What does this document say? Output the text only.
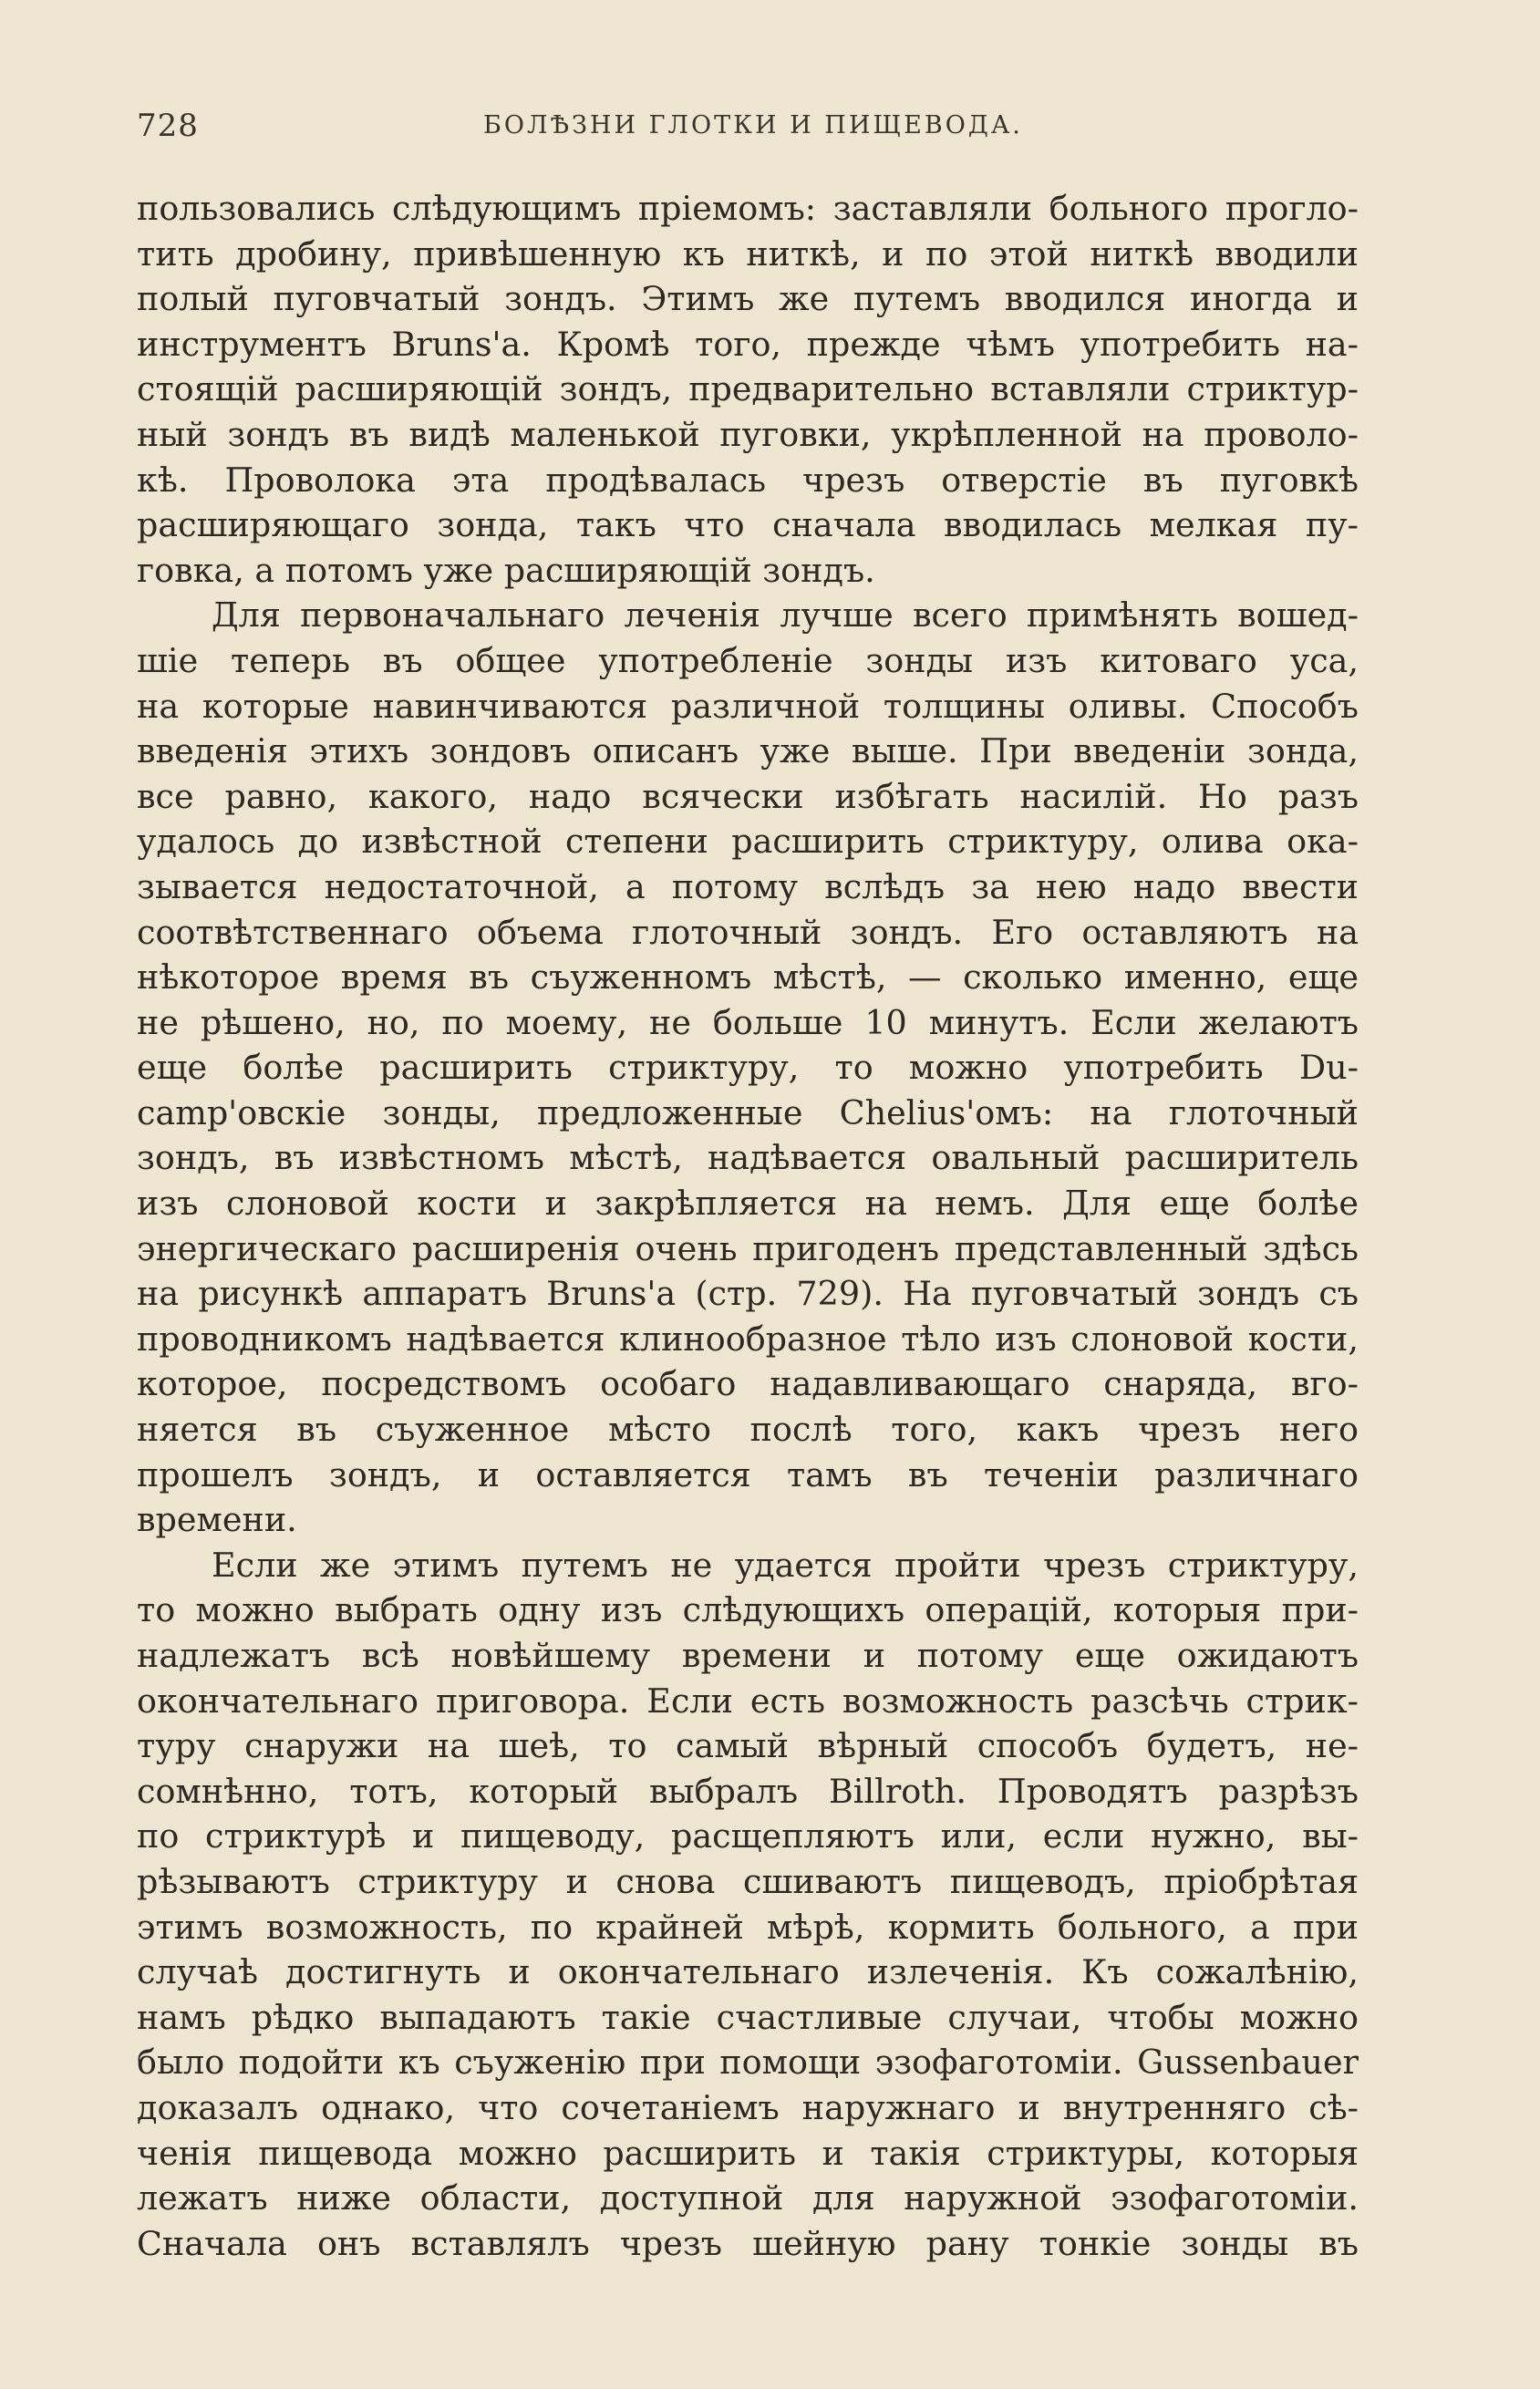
728	БОЛѢЗНИ ГЛОТКИ И ПИЩЕВОДА.
пользовались слѣдующимъ пріемомъ: заставляли больного прогло-
тить дробину, привѣшенную къ ниткѣ, и по этой ниткѣ вводили
полый пуговчатый зондъ. Этимъ же путемъ вводился иногда и
инструментъ Bruns'а. Кромѣ того, прежде чѣмъ употребить на-
стоящій расширяющій зондъ, предварительно вставляли стриктур-
ный зондъ въ видѣ маленькой пуговки, укрѣпленной на проволо-
кѣ. Проволока эта продѣвалась чрезъ отверстіе въ пуговкѣ
расширяющаго зонда, такъ что сначала вводилась мелкая пу-
говка, а потомъ уже расширяющій зондъ.
Для первоначальнаго леченія лучше всего примѣнять вошед-
шіе теперь въ общее употребленіе зонды изъ китоваго уса,
на которые навинчиваются различной толщины оливы. Способъ
введенія этихъ зондовъ описанъ уже выше. При введеніи зонда,
все равно, какого, надо всячески избѣгать насилій. Но разъ
удалось до извѣстной степени расширить стриктуру, олива ока-
зывается недостаточной, а потому вслѣдъ за нею надо ввести
соотвѣтственнаго объема глоточный зондъ. Его оставляютъ на
нѣкоторое время въ съуженномъ мѣстѣ, — сколько именно, еще
не рѣшено, но, по моему, не больше 10 минутъ. Если желаютъ
еще болѣе расширить стриктуру, то можно употребить Du-
camp'овскіе зонды, предложенные Chelius'омъ: на глоточный
зондъ, въ извѣстномъ мѣстѣ, надѣвается овальный расширитель
изъ слоновой кости и закрѣпляется на немъ. Для еще болѣе
энергическаго расширенія очень пригоденъ представленный здѣсь
на рисункѣ аппаратъ Bruns'а (стр. 729). На пуговчатый зондъ съ
проводникомъ надѣвается клинообразное тѣло изъ слоновой кости,
которое, посредствомъ особаго надавливающаго снаряда, вго-
няется въ съуженное мѣсто послѣ того, какъ чрезъ него
прошелъ зондъ, и оставляется тамъ въ теченіи различнаго
времени.
Если же этимъ путемъ не удается пройти чрезъ стриктуру,
то можно выбрать одну изъ слѣдующихъ операцій, которыя при-
надлежатъ всѣ новѣйшему времени и потому еще ожидаютъ
окончательнаго приговора. Если есть возможность разсѣчь стрик-
туру снаружи на шеѣ, то самый вѣрный способъ будетъ, не-
сомнѣнно, тотъ, который выбралъ Billroth. Проводятъ разрѣзъ
по стриктурѣ и пищеводу, расщепляютъ или, если нужно, вы-
рѣзываютъ стриктуру и снова сшиваютъ пищеводъ, пріобрѣтая
этимъ возможность, по крайней мѣрѣ, кормить больного, а при
случаѣ достигнуть и окончательнаго излеченія. Къ сожалѣнію,
намъ рѣдко выпадаютъ такіе счастливые случаи, чтобы можно
было подойти къ съуженію при помощи эзофаготоміи. Gussenbauer
доказалъ однако, что сочетаніемъ наружнаго и внутренняго сѣ-
ченія пищевода можно расширить и такія стриктуры, которыя
лежатъ ниже области, доступной для наружной эзофаготоміи.
Сначала онъ вставлялъ чрезъ шейную рану тонкіе зонды въ
